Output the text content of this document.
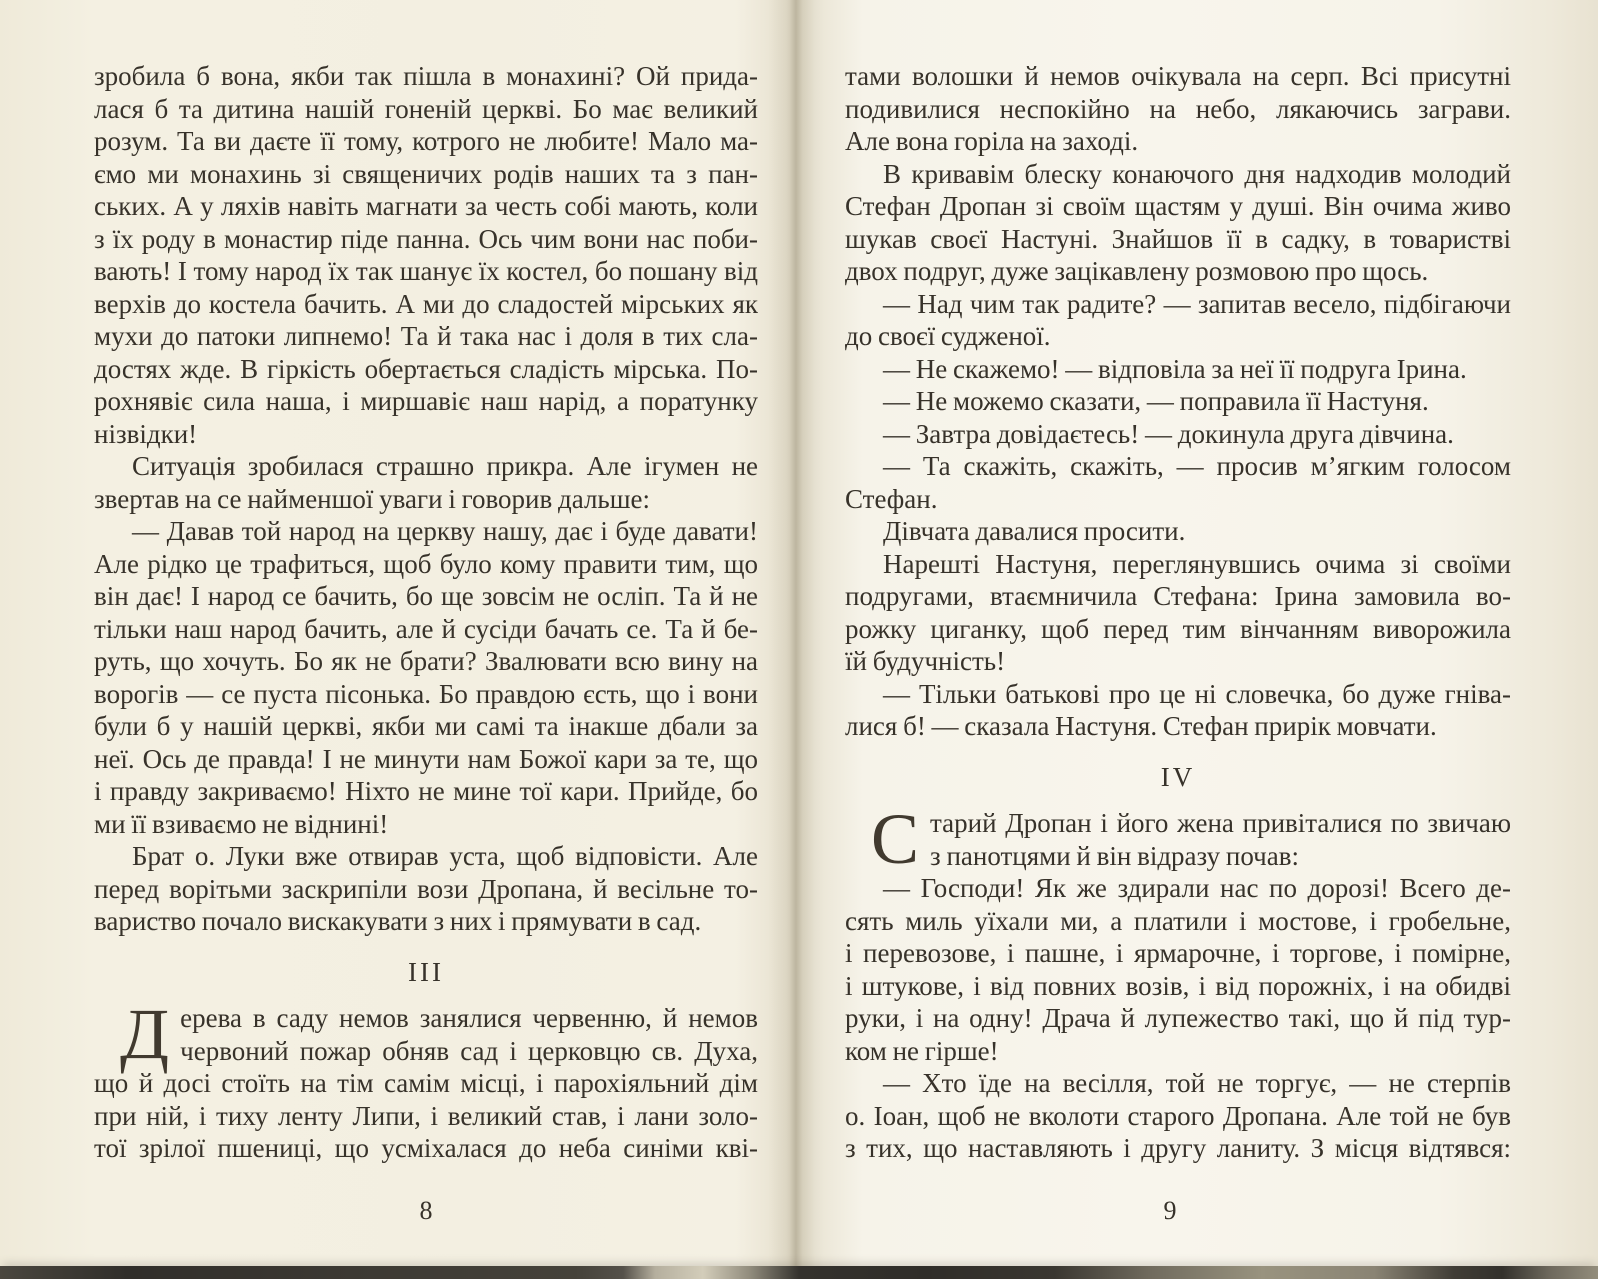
зробила б вона, якби так пішла в монахині? Ой прида-
лася б та дитина нашій гоненій церкві. Бо має великий
розум. Та ви даєте її тому, котрого не любите! Мало ма-
ємо ми монахинь зі священичих родів наших та з пан-
ських. А у ляхів навіть магнати за честь собі мають, коли
з їх роду в монастир піде панна. Ось чим вони нас поби-
вають! І тому народ їх так шанує їх костел, бо пошану від
верхів до костела бачить. А ми до сладостей мірських як
мухи до патоки липнемо! Та й така нас і доля в тих сла-
достях жде. В гіркість обертається сладість мірська. По-
рохнявіє сила наша, і миршавіє наш нарід, а поратунку
нізвідки!
Ситуація зробилася страшно прикра. Але ігумен не
звертав на се найменшої уваги і говорив дальше:
— Давав той народ на церкву нашу, дає і буде давати!
Але рідко це трафиться, щоб було кому правити тим, що
він дає! І народ се бачить, бо ще зовсім не осліп. Та й не
тільки наш народ бачить, але й сусіди бачать се. Та й бе-
руть, що хочуть. Бо як не брати? Звалювати всю вину на
ворогів — се пуста пісонька. Бо правдою єсть, що і вони
були б у нашій церкві, якби ми самі та інакше дбали за
неї. Ось де правда! І не минути нам Божої кари за те, що
і правду закриваємо! Ніхто не мине тої кари. Прийде, бо
ми її взиваємо не віднині!
Брат о. Луки вже отвирав уста, щоб відповісти. Але
перед ворітьми заскрипіли вози Дропана, й весільне то-
вариство почало вискакувати з них і прямувати в сад.
III
Д ерева в саду немов занялися червенню, й немов
червоний пожар обняв сад і церковцю св. Духа,
що й досі стоїть на тім самім місці, і парохіяльний дім
при ній, і тиху ленту Липи, і великий став, і лани золо-
тої зрілої пшениці, що усміхалася до неба синіми кві-
тами волошки й немов очікувала на серп. Всі присутні
подивилися неспокійно на небо, лякаючись заграви.
Але вона горіла на заході.
В кривавім блеску конаючого дня надходив молодий
Стефан Дропан зі своїм щастям у душі. Він очима живо
шукав своєї Настуні. Знайшов її в садку, в товаристві
двох подруг, дуже зацікавлену розмовою про щось.
— Над чим так радите? — запитав весело, підбігаючи
до своєї судженої.
— Не скажемо! — відповіла за неї її подруга Ірина.
— Не можемо сказати, — поправила її Настуня.
— Завтра довідаєтесь! — докинула друга дівчина.
— Та скажіть, скажіть, — просив м’ягким голосом
Стефан.
Дівчата давалися просити.
Нарешті Настуня, переглянувшись очима зі своїми
подругами, втаємничила Стефана: Ірина замовила во-
рожку циганку, щоб перед тим вінчанням виворожила
їй будучність!
— Тільки батькові про це ні словечка, бо дуже гніва-
лися б! — сказала Настуня. Стефан прирік мовчати.
IV
С тарий Дропан і його жена привіталися по звичаю
з панотцями й він відразу почав:
— Господи! Як же здирали нас по дорозі! Всего де-
сять миль уїхали ми, а платили і мостове, і гробельне,
і перевозове, і пашне, і ярмарочне, і торгове, і помірне,
і штукове, і від повних возів, і від порожніх, і на обидві
руки, і на одну! Драча й лупежество такі, що й під тур-
ком не гірше!
— Хто їде на весілля, той не торгує, — не стерпів
о. Іоан, щоб не вколоти старого Дропана. Але той не був
з тих, що наставляють і другу ланиту. З місця відтявся:
8	9
